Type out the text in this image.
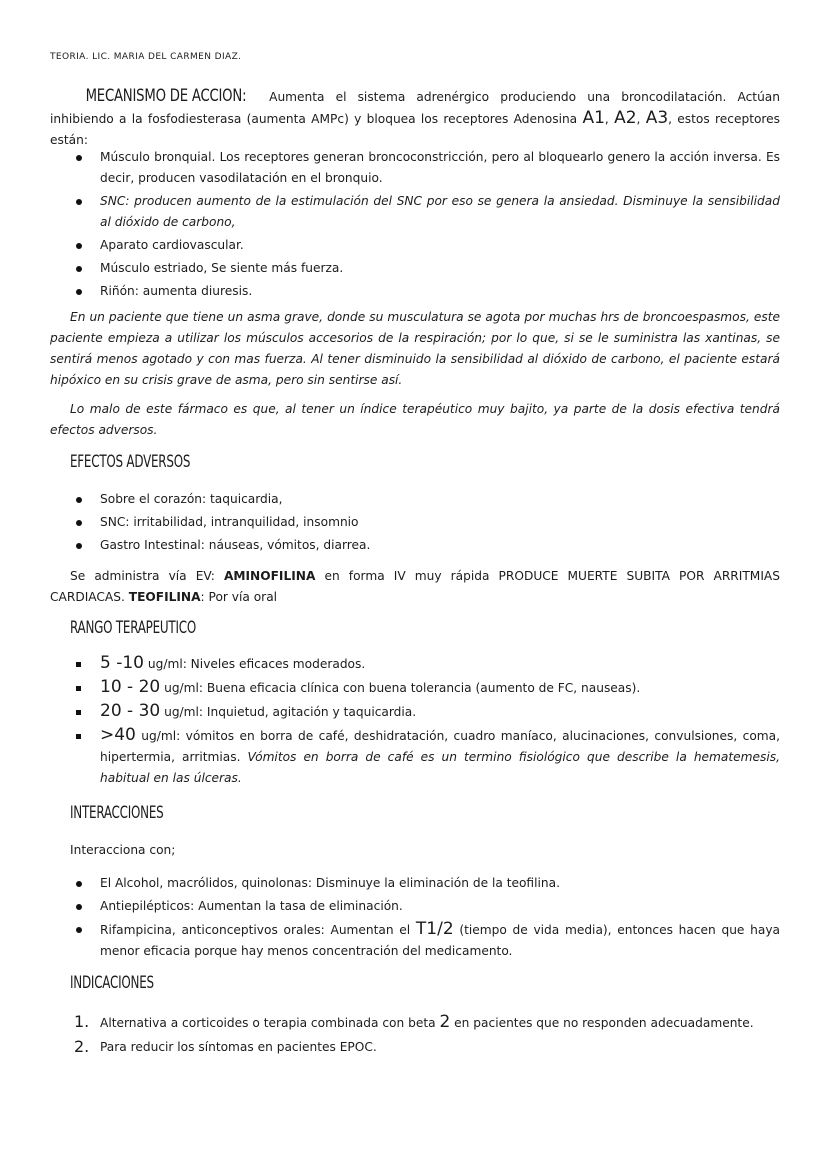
TEORIA. LIC. MARIA DEL CARMEN DIAZ.
MECANISMO DE ACCION: Aumenta el sistema adrenérgico produciendo una broncodilatación. Actúan inhibiendo a la fosfodiesterasa (aumenta AMPc) y bloquea los receptores Adenosina A1, A2, A3, estos receptores están:
Músculo bronquial. Los receptores generan broncoconstricción, pero al bloquearlo genero la acción inversa. Es decir, producen vasodilatación en el bronquio.
SNC: producen aumento de la estimulación del SNC por eso se genera la ansiedad. Disminuye la sensibilidad al dióxido de carbono,
Aparato cardiovascular.
Músculo estriado, Se siente más fuerza.
Riñón: aumenta diuresis.
En un paciente que tiene un asma grave, donde su musculatura se agota por muchas hrs de broncoespasmos, este paciente empieza a utilizar los músculos accesorios de la respiración; por lo que, si se le suministra las xantinas, se sentirá menos agotado y con mas fuerza. Al tener disminuido la sensibilidad al dióxido de carbono, el paciente estará hipóxico en su crisis grave de asma, pero sin sentirse así.
Lo malo de este fármaco es que, al tener un índice terapéutico muy bajito, ya parte de la dosis efectiva tendrá efectos adversos.
EFECTOS ADVERSOS
Sobre el corazón: taquicardia,
SNC: irritabilidad, intranquilidad, insomnio
Gastro Intestinal: náuseas, vómitos, diarrea.
Se administra vía EV: AMINOFILINA en forma IV muy rápida PRODUCE MUERTE SUBITA POR ARRITMIAS CARDIACAS. TEOFILINA: Por vía oral
RANGO TERAPEUTICO
5 -10 ug/ml: Niveles eficaces moderados.
10 - 20 ug/ml: Buena eficacia clínica con buena tolerancia (aumento de FC, nauseas).
20 - 30 ug/ml: Inquietud, agitación y taquicardia.
>40 ug/ml: vómitos en borra de café, deshidratación, cuadro maníaco, alucinaciones, convulsiones, coma, hipertermia, arritmias. Vómitos en borra de café es un termino fisiológico que describe la hematemesis, habitual en las úlceras.
INTERACCIONES
Interacciona con;
El Alcohol, macrólidos, quinolonas: Disminuye la eliminación de la teofilina.
Antiepilépticos: Aumentan la tasa de eliminación.
Rifampicina, anticonceptivos orales: Aumentan el T1/2 (tiempo de vida media), entonces hacen que haya menor eficacia porque hay menos concentración del medicamento.
INDICACIONES
1. Alternativa a corticoides o terapia combinada con beta 2 en pacientes que no responden adecuadamente.
2. Para reducir los síntomas en pacientes EPOC.
